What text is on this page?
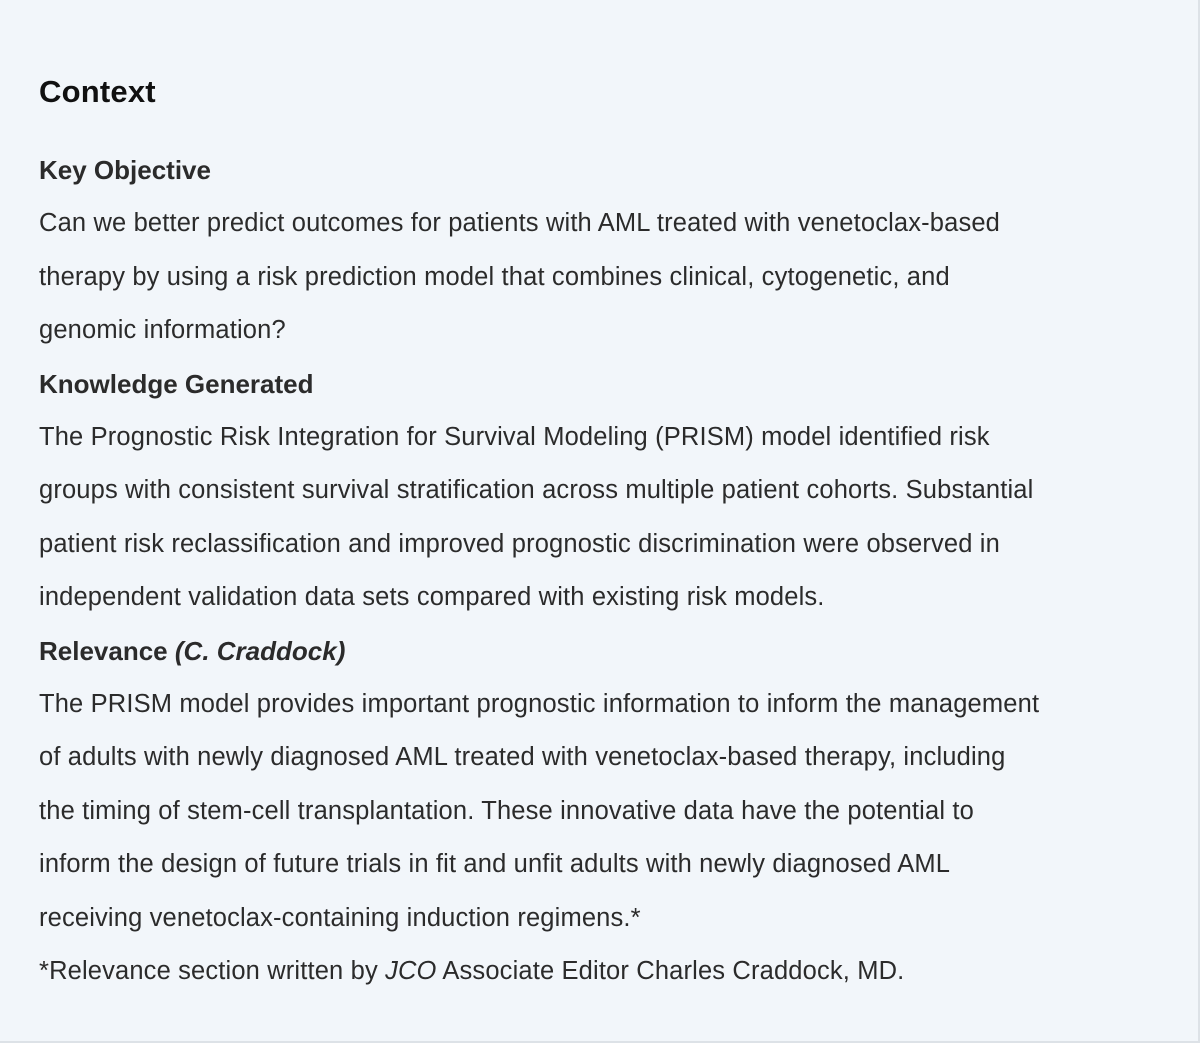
Context
Key Objective

Can we better predict outcomes for patients with AML treated with venetoclax-based
therapy by using a risk prediction model that combines clinical, cytogenetic, and
genomic information?

Knowledge Generated

The Prognostic Risk Integration for Survival Modeling (PRISM) model identified risk
groups with consistent survival stratification across multiple patient cohorts. Substantial
patient risk reclassification and improved prognostic discrimination were observed in
independent validation data sets compared with existing risk models.

Relevance (C. Craddock)

The PRISM model provides important prognostic information to inform the management
of adults with newly diagnosed AML treated with venetoclax-based therapy, including
the timing of stem-cell transplantation. These innovative data have the potential to
inform the design of future trials in fit and unfit adults with newly diagnosed AML
receiving venetoclax-containing induction regimens.*

*Relevance section written by JCO Associate Editor Charles Craddock, MD.
